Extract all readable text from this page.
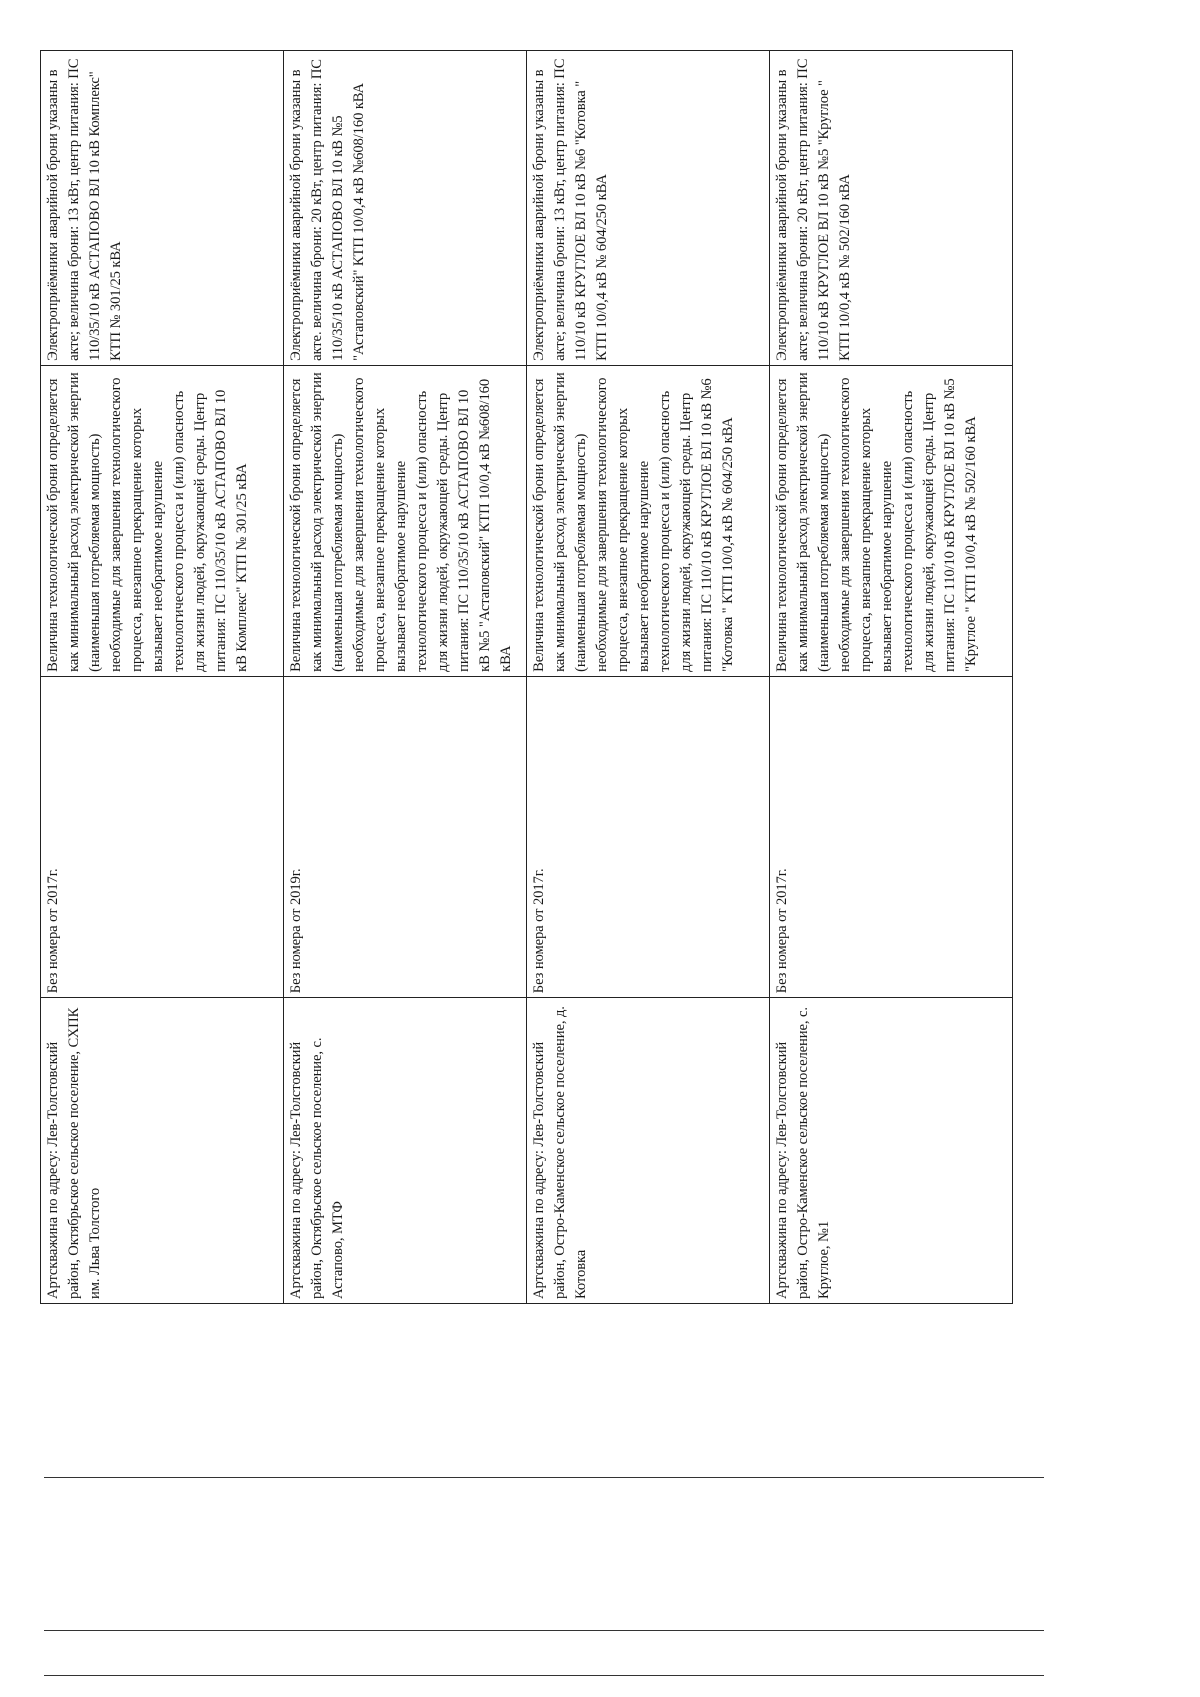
Артскважина по адресу: Лев-Толстовский район, Октябрьское сельское поселение, СХПК им. Льва Толстого	Без номера от 2017г.	Величина технологической брони определяется как минимальный расход электрической энергии (наименьшая потребляемая мощность) необходимые для завершения технологического процесса, внезапное прекращение которых вызывает необратимое нарушение технологического процесса и (или) опасность для жизни людей, окружающей среды. Центр питания: ПС 110/35/10 кВ АСТАПОВО ВЛ 10 кВ Комплекс" КТП № 301/25 кВА	Электроприёмники аварийной брони указаны в акте; величина брони: 13 кВт, центр питания: ПС 110/35/10 кВ АСТАПОВО ВЛ 10 кВ Комплекс" КТП № 301/25 кВА
Артскважина по адресу: Лев-Толстовский район, Октябрьское сельское поселение, с. Астапово, МТФ	Без номера от 2019г.	Величина технологической брони определяется как минимальный расход электрической энергии (наименьшая потребляемая мощность) необходимые для завершения технологического процесса, внезапное прекращение которых вызывает необратимое нарушение технологического процесса и (или) опасность для жизни людей, окружающей среды. Центр питания: ПС 110/35/10 кВ АСТАПОВО ВЛ 10 кВ №5 "Астаповский" КТП 10/0,4 кВ №608/160 кВА	Электроприёмники аварийной брони указаны в акте. величина брони: 20 кВт, центр питания: ПС 110/35/10 кВ АСТАПОВО ВЛ 10 кВ №5 "Астаповский" КТП 10/0,4 кВ №608/160 кВА
Артскважина по адресу: Лев-Толстовский район, Остро-Каменское сельское поселение, д. Котовка	Без номера от 2017г.	Величина технологической брони определяется как минимальный расход электрической энергии (наименьшая потребляемая мощность) необходимые для завершения технологического процесса, внезапное прекращение которых вызывает необратимое нарушение технологического процесса и (или) опасность для жизни людей, окружающей среды. Центр питания: ПС 110/10 кВ КРУГЛОЕ ВЛ 10 кВ №6 "Котовка " КТП 10/0,4 кВ № 604/250 кВА	Электроприёмники аварийной брони указаны в акте; величина брони: 13 кВт, центр питания: ПС 110/10 кВ КРУГЛОЕ ВЛ 10 кВ №6 "Котовка " КТП 10/0,4 кВ № 604/250 кВА
Артскважина по адресу: Лев-Толстовский район, Остро-Каменское сельское поселение, с. Круглое, №1	Без номера от 2017г.	Величина технологической брони определяется как минимальный расход электрической энергии (наименьшая потребляемая мощность) необходимые для завершения технологического процесса, внезапное прекращение которых вызывает необратимое нарушение технологического процесса и (или) опасность для жизни людей, окружающей среды. Центр питания: ПС 110/10 кВ КРУГЛОЕ ВЛ 10 кВ №5 "Круглое " КТП 10/0,4 кВ № 502/160 кВА	Электроприёмники аварийной брони указаны в акте; величина брони: 20 кВт, центр питания: ПС 110/10 кВ КРУГЛОЕ ВЛ 10 кВ №5 "Круглое " КТП 10/0,4 кВ № 502/160 кВА
